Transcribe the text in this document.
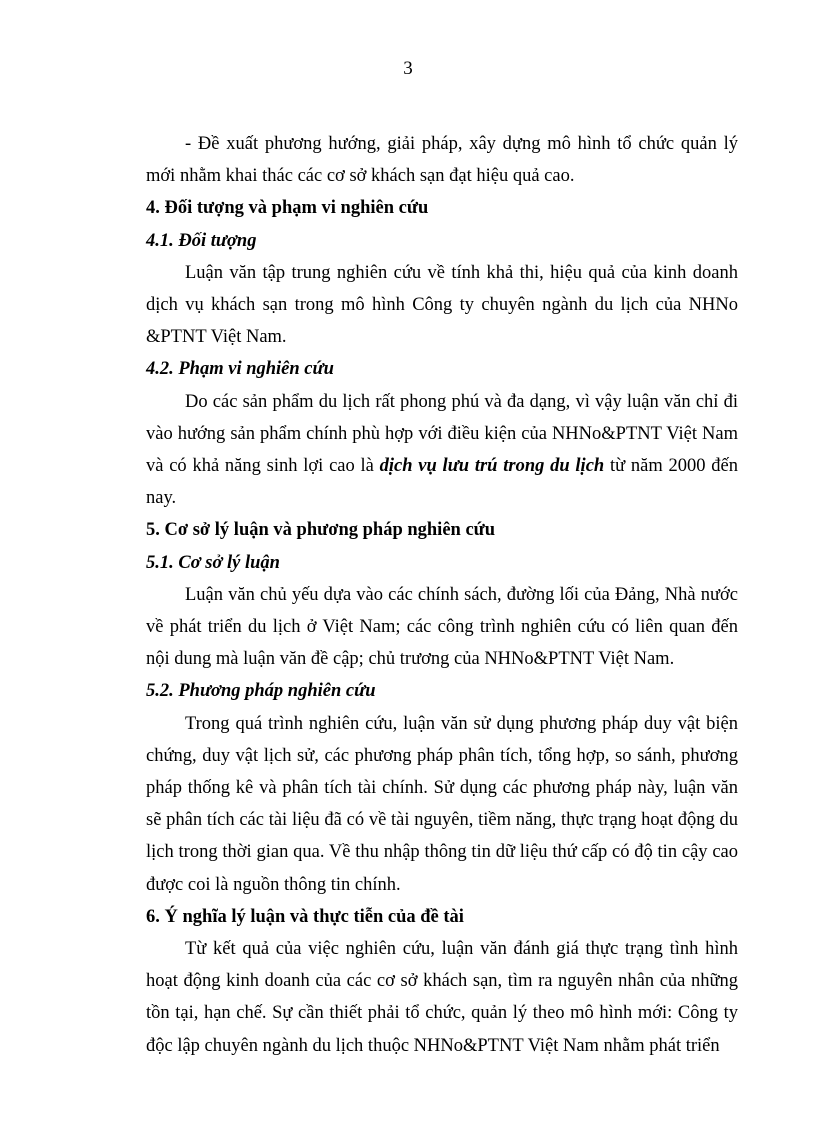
3

- Đề xuất phương hướng, giải pháp, xây dựng mô hình tổ chức quản lý mới nhằm khai thác các cơ sở khách sạn đạt hiệu quả cao.

4. Đối tượng và phạm vi nghiên cứu

4.1. Đối tượng

Luận văn tập trung nghiên cứu về tính khả thi, hiệu quả của kinh doanh dịch vụ khách sạn trong mô hình Công ty chuyên ngành du lịch của NHNo &PTNT Việt Nam.

4.2. Phạm vi nghiên cứu

Do các sản phẩm du lịch rất phong phú và đa dạng, vì vậy luận văn chỉ đi vào hướng sản phẩm chính phù hợp với điều kiện của NHNo&PTNT Việt Nam và có khả năng sinh lợi cao là dịch vụ lưu trú trong du lịch từ năm 2000 đến nay.

5. Cơ sở lý luận và phương pháp nghiên cứu

5.1. Cơ sở lý luận

Luận văn chủ yếu dựa vào các chính sách, đường lối của Đảng, Nhà nước về phát triển du lịch ở Việt Nam; các công trình nghiên cứu có liên quan đến nội dung mà luận văn đề cập; chủ trương của NHNo&PTNT Việt Nam.

5.2. Phương pháp nghiên cứu

Trong quá trình nghiên cứu, luận văn sử dụng phương pháp duy vật biện chứng, duy vật lịch sử, các phương pháp phân tích, tổng hợp, so sánh, phương pháp thống kê và phân tích tài chính. Sử dụng các phương pháp này, luận văn sẽ phân tích các tài liệu đã có về tài nguyên, tiềm năng, thực trạng hoạt động du lịch trong thời gian qua. Về thu nhập thông tin dữ liệu thứ cấp có độ tin cậy cao được coi là nguồn thông tin chính.

6. Ý nghĩa lý luận và thực tiễn của đề tài

Từ kết quả của việc nghiên cứu, luận văn đánh giá thực trạng tình hình hoạt động kinh doanh của các cơ sở khách sạn, tìm ra nguyên nhân của những tồn tại, hạn chế. Sự cần thiết phải tổ chức, quản lý theo mô hình mới: Công ty độc lập chuyên ngành du lịch thuộc NHNo&PTNT Việt Nam nhằm phát triển
